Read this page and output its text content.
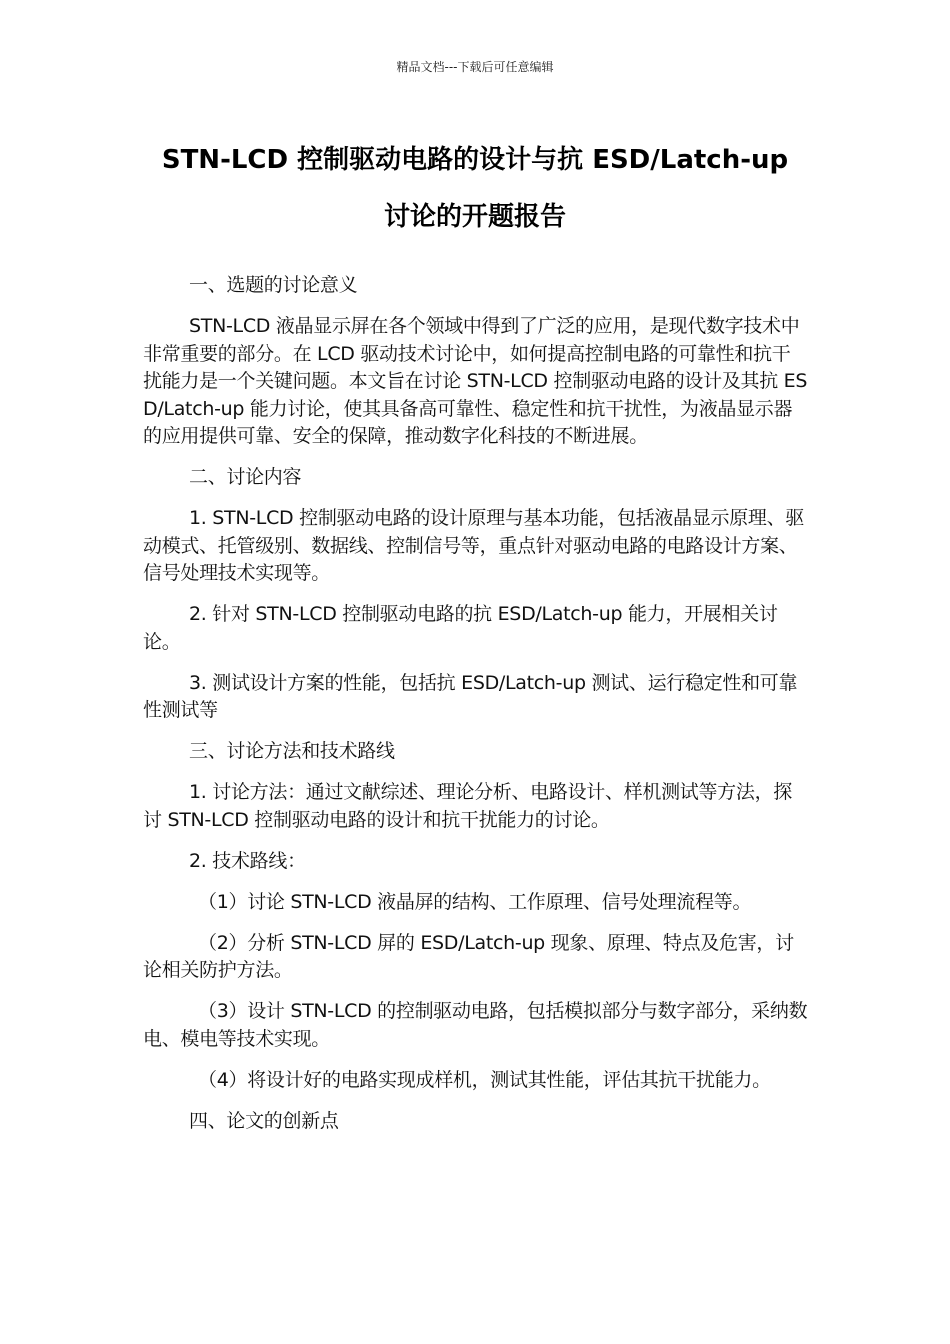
精品文档---下载后可任意编辑
STN-LCD 控制驱动电路的设计与抗 ESD/Latch-up
讨论的开题报告

一、选题的讨论意义

STN-LCD 液晶显示屏在各个领域中得到了广泛的应用，是现代数字技术中非常重要的部分。在 LCD 驱动技术讨论中，如何提高控制电路的可靠性和抗干扰能力是一个关键问题。本文旨在讨论 STN-LCD 控制驱动电路的设计及其抗 ESD/Latch-up 能力讨论，使其具备高可靠性、稳定性和抗干扰性，为液晶显示器的应用提供可靠、安全的保障，推动数字化科技的不断进展。

二、讨论内容

1. STN-LCD 控制驱动电路的设计原理与基本功能，包括液晶显示原理、驱动模式、托管级别、数据线、控制信号等，重点针对驱动电路的电路设计方案、信号处理技术实现等。

2. 针对 STN-LCD 控制驱动电路的抗 ESD/Latch-up 能力，开展相关讨论。

3. 测试设计方案的性能，包括抗 ESD/Latch-up 测试、运行稳定性和可靠性测试等

三、讨论方法和技术路线

1. 讨论方法：通过文献综述、理论分析、电路设计、样机测试等方法，探讨 STN-LCD 控制驱动电路的设计和抗干扰能力的讨论。

2. 技术路线：

（1）讨论 STN-LCD 液晶屏的结构、工作原理、信号处理流程等。

（2）分析 STN-LCD 屏的 ESD/Latch-up 现象、原理、特点及危害，讨论相关防护方法。

（3）设计 STN-LCD 的控制驱动电路，包括模拟部分与数字部分，采纳数电、模电等技术实现。

（4）将设计好的电路实现成样机，测试其性能，评估其抗干扰能力。

四、论文的创新点
